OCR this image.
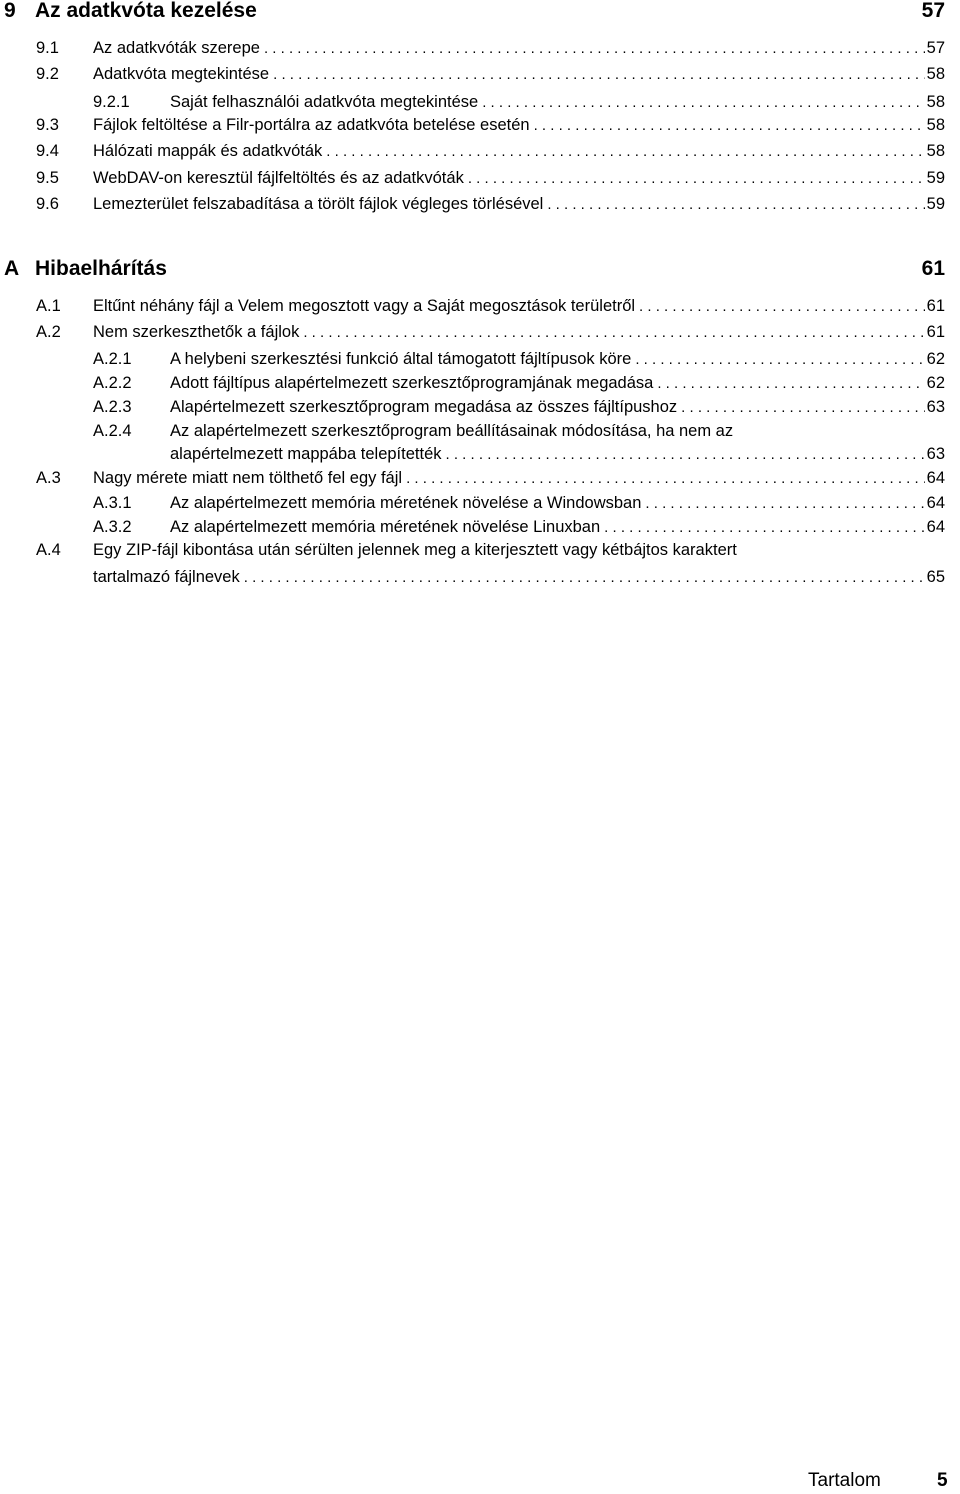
9 Az adatkvóta kezelése	57
9.1 Az adatkvóták szerepe . . .	57
9.2 Adatkvóta megtekintése . . .	58
9.2.1 Saját felhasználói adatkvóta megtekintése . . .	58
9.3 Fájlok feltöltése a Filr-portálra az adatkvóta betelése esetén . . .	58
9.4 Hálózati mappák és adatkvóták . . .	58
9.5 WebDAV-on keresztül fájlfeltöltés és az adatkvóták . . .	59
9.6 Lemezterület felszabadítása a törölt fájlok végleges törlésével . . .	59
A Hibaelhárítás	61
A.1 Eltűnt néhány fájl a Velem megosztott vagy a Saját megosztások területről . . .	61
A.2 Nem szerkeszthetők a fájlok . . .	61
A.2.1 A helybeni szerkesztési funkció által támogatott fájltípusok köre . . .	62
A.2.2 Adott fájltípus alapértelmezett szerkesztőprogramjának megadása . . .	62
A.2.3 Alapértelmezett szerkesztőprogram megadása az összes fájltípushoz . . .	63
A.2.4 Az alapértelmezett szerkesztőprogram beállításainak módosítása, ha nem az
alapértelmezett mappába telepítették . . .	63
A.3 Nagy mérete miatt nem tölthető fel egy fájl . . .	64
A.3.1 Az alapértelmezett memória méretének növelése a Windowsban . . .	64
A.3.2 Az alapértelmezett memória méretének növelése Linuxban . . .	64
A.4 Egy ZIP-fájl kibontása után sérülten jelennek meg a kiterjesztett vagy kétbájtos karaktert
tartalmazó fájlnevek . . .	65
Tartalom	5
